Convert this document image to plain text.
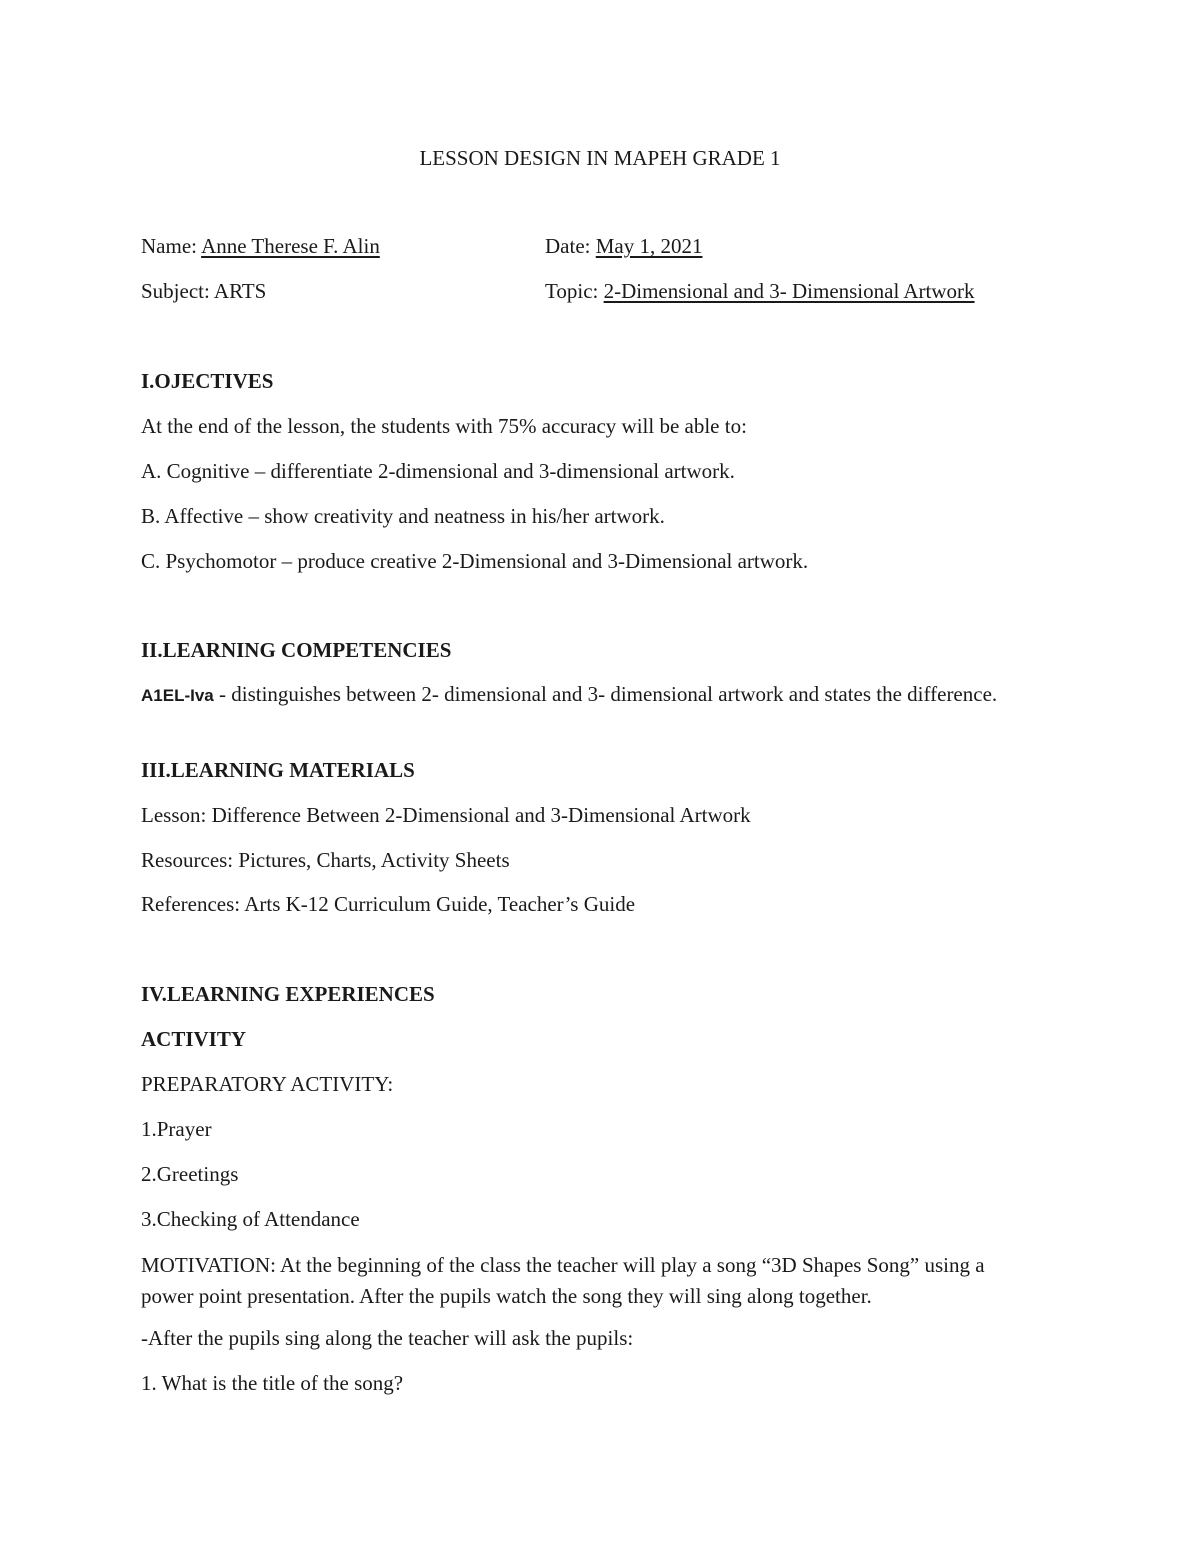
LESSON DESIGN IN MAPEH GRADE 1
Name: Anne Therese F. Alin	Date: May 1, 2021
Subject: ARTS	Topic: 2-Dimensional and 3- Dimensional Artwork
I.OJECTIVES
At the end of the lesson, the students with 75% accuracy will be able to:
A. Cognitive – differentiate 2-dimensional and 3-dimensional artwork.
B. Affective – show creativity and neatness in his/her artwork.
C. Psychomotor – produce creative 2-Dimensional and 3-Dimensional artwork.
II.LEARNING COMPETENCIES
A1EL-Iva - distinguishes between 2- dimensional and 3- dimensional artwork and states the difference.
III.LEARNING MATERIALS
Lesson: Difference Between 2-Dimensional and 3-Dimensional Artwork
Resources: Pictures, Charts, Activity Sheets
References: Arts K-12 Curriculum Guide, Teacher’s Guide
IV.LEARNING EXPERIENCES
ACTIVITY
PREPARATORY ACTIVITY:
1.Prayer
2.Greetings
3.Checking of Attendance
MOTIVATION: At the beginning of the class the teacher will play a song “3D Shapes Song” using a power point presentation. After the pupils watch the song they will sing along together.
-After the pupils sing along the teacher will ask the pupils:
1. What is the title of the song?
